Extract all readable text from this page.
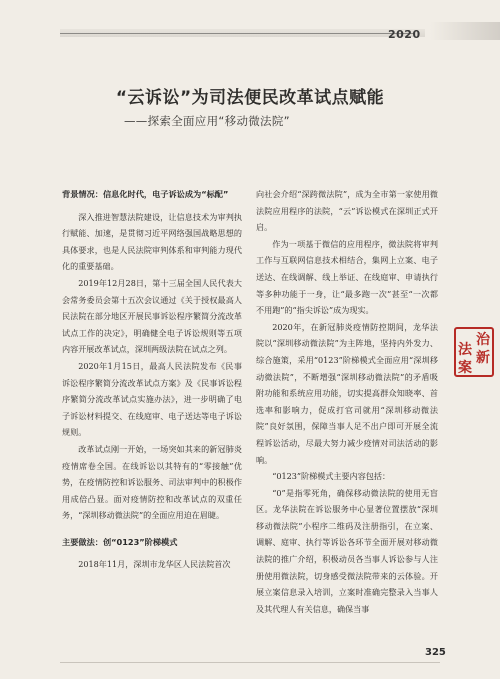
2020
“云诉讼”为司法便民改革试点赋能
——探索全面应用“移动微法院”
背景情况：信息化时代，电子诉讼成为“标配”

深入推进智慧法院建设，让信息技术为审判执行赋能、加速，是贯彻习近平网络强国战略思想的具体要求，也是人民法院审判体系和审判能力现代化的重要基础。

2019年12月28日，第十三届全国人民代表大会常务委员会第十五次会议通过《关于授权最高人民法院在部分地区开展民事诉讼程序繁简分流改革试点工作的决定》，明确健全电子诉讼规则等五项内容开展改革试点，深圳两级法院在试点之列。

2020年1月15日，最高人民法院发布《民事诉讼程序繁简分流改革试点方案》及《民事诉讼程序繁简分流改革试点实施办法》，进一步明确了电子诉讼材料提交、在线庭审、电子送达等电子诉讼规则。

改革试点刚一开始，一场突如其来的新冠肺炎疫情席卷全国。在线诉讼以其特有的“零接触”优势，在疫情防控和诉讼服务、司法审判中的积极作用成倍凸显。面对疫情防控和改革试点的双重任务，“深圳移动微法院”的全面应用迫在眉睫。

主要做法：创“0123”阶梯模式

2018年11月，深圳市龙华区人民法院首次

向社会介绍“深跨微法院”，成为全市第一家使用微法院应用程序的法院，“云”诉讼模式在深圳正式开启。

作为一项基于微信的应用程序，微法院将审判工作与互联网信息技术相结合，集网上立案、电子送达、在线调解、线上举证、在线庭审、申请执行等多种功能于一身，让“最多跑一次”甚至“一次都不用跑”的“指尖诉讼”成为现实。

2020年，在新冠肺炎疫情防控期间，龙华法院以“深圳移动微法院”为主阵地，坚持内外发力、综合施策，采用“0123”阶梯模式全面应用“深圳移动微法院”，不断增强“深圳移动微法院”的矛盾吸附功能和系统应用功能，切实提高群众知晓率、首选率和影响力，促成打官司就用“深圳移动微法院”良好氛围，保障当事人足不出户即可开展全流程诉讼活动，尽最大努力减少疫情对司法活动的影响。

“0123”阶梯模式主要内容包括：

“0”是指零死角，确保移动微法院的使用无盲区。龙华法院在诉讼服务中心显著位置摆放“深圳移动微法院”小程序二维码及注册指引，在立案、调解、庭审、执行等诉讼各环节全面开展对移动微法院的推广介绍，积极动员各当事人诉讼参与人注册使用微法院，切身感受微法院带来的云体验。开展立案信息录入培训，立案时准确完整录入当事人及其代理人有关信息，确保当事

治
法 新
案
325
